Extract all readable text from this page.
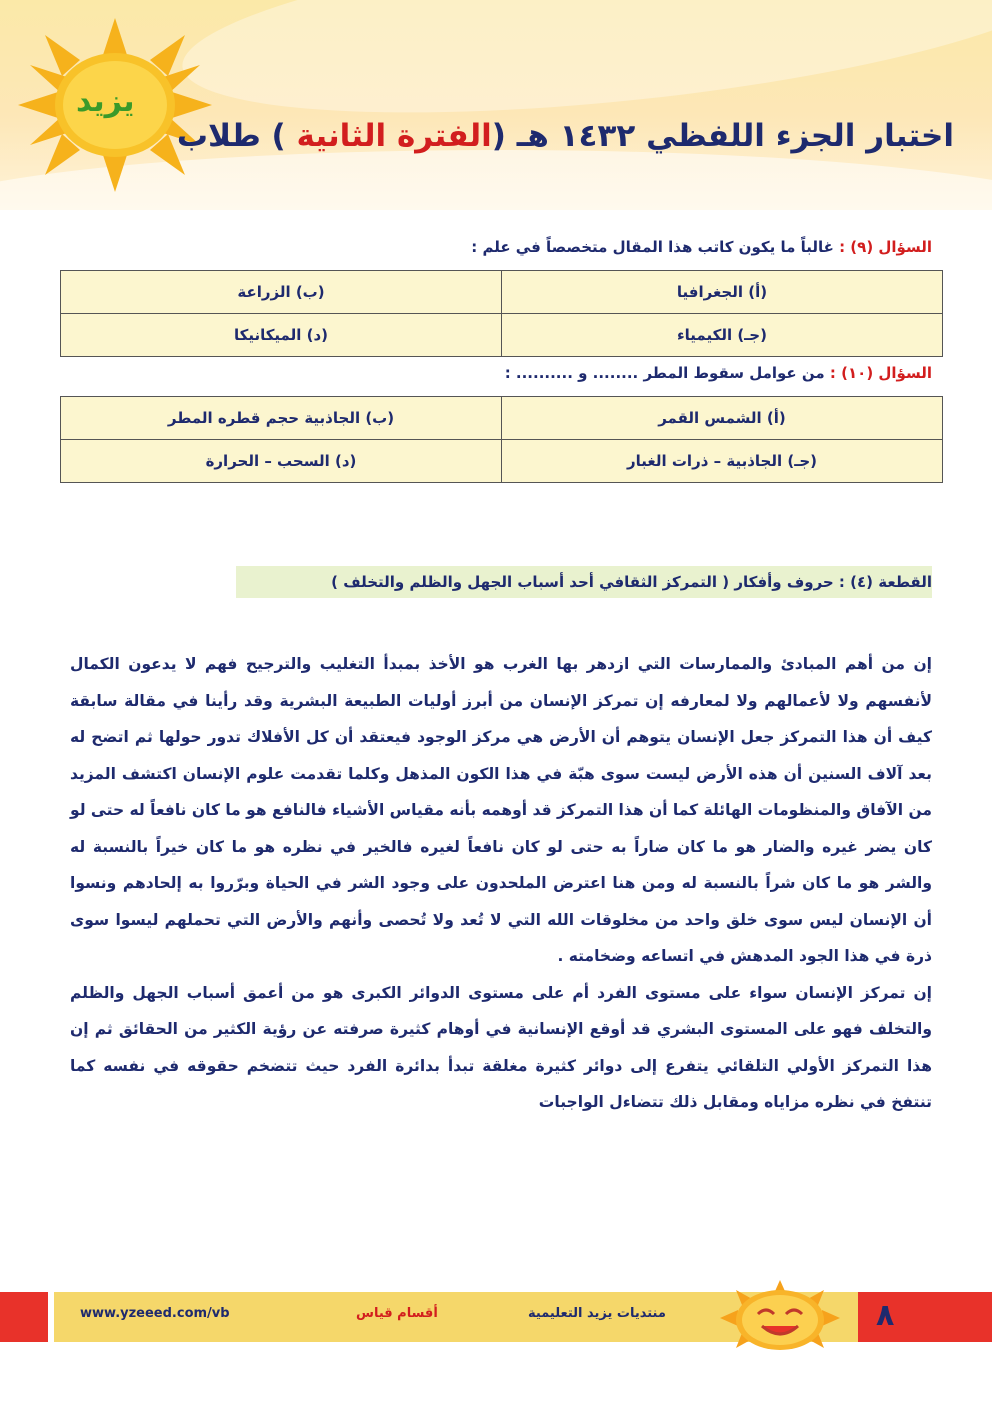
يزيد
اختبار الجزء اللفظي ١٤٣٢ هـ (الفترة الثانية ) طلاب
السؤال (٩) : غالباً ما يكون كاتب هذا المقال متخصصاً في علم :
(أ) الجغرافيا	(ب) الزراعة
(جـ) الكيمياء	(د) الميكانيكا
السؤال (١٠) : من عوامل سقوط المطر ........ و .......... :
(أ) الشمس القمر	(ب) الجاذبية حجم قطره المطر
(جـ) الجاذبية – ذرات الغبار	(د) السحب – الحرارة
القطعة (٤) : حروف وأفكار ( التمركز الثقافي أحد أسباب الجهل والظلم والتخلف )
إن من أهم المبادئ والممارسات التي ازدهر بها الغرب هو الأخذ بمبدأ التغليب والترجيح فهم لا يدعون الكمال لأنفسهم ولا لأعمالهم ولا لمعارفه إن تمركز الإنسان من أبرز أوليات الطبيعة البشرية وقد رأينا في مقالة سابقة كيف أن هذا التمركز جعل الإنسان يتوهم أن الأرض هي مركز الوجود فيعتقد أن كل الأفلاك تدور حولها ثم اتضح له بعد آلاف السنين أن هذه الأرض ليست سوى هبّة في هذا الكون المذهل وكلما تقدمت علوم الإنسان اكتشف المزيد من الآفاق والمنظومات الهائلة كما أن هذا التمركز قد أوهمه بأنه مقياس الأشياء فالنافع هو ما كان نافعاً له حتى لو كان يضر غيره والضار هو ما كان ضاراً به حتى لو كان نافعاً لغيره فالخير في نظره هو ما كان خيراً بالنسبة له والشر هو ما كان شراً بالنسبة له ومن هنا اعترض الملحدون على وجود الشر في الحياة وبرّروا به إلحادهم ونسوا أن الإنسان ليس سوى خلق واحد من مخلوقات الله التي لا تُعد ولا تُحصى وأنهم والأرض التي تحملهم ليسوا سوى ذرة في هذا الجود المدهش في اتساعه وضخامته .
إن تمركز الإنسان سواء على مستوى الفرد أم على مستوى الدوائر الكبرى هو من أعمق أسباب الجهل والظلم والتخلف فهو على المستوى البشري قد أوقع الإنسانية في أوهام كثيرة صرفته عن رؤية الكثير من الحقائق ثم إن هذا التمركز الأولي التلقائي يتفرع إلى دوائر كثيرة مغلقة تبدأ بدائرة الفرد حيث تتضخم حقوقه في نفسه كما تنتفخ في نظره مزاياه ومقابل ذلك تتضاءل الواجبات
٨
منتديات يزيد التعليمية
أقسام قياس
www.yzeeed.com/vb
